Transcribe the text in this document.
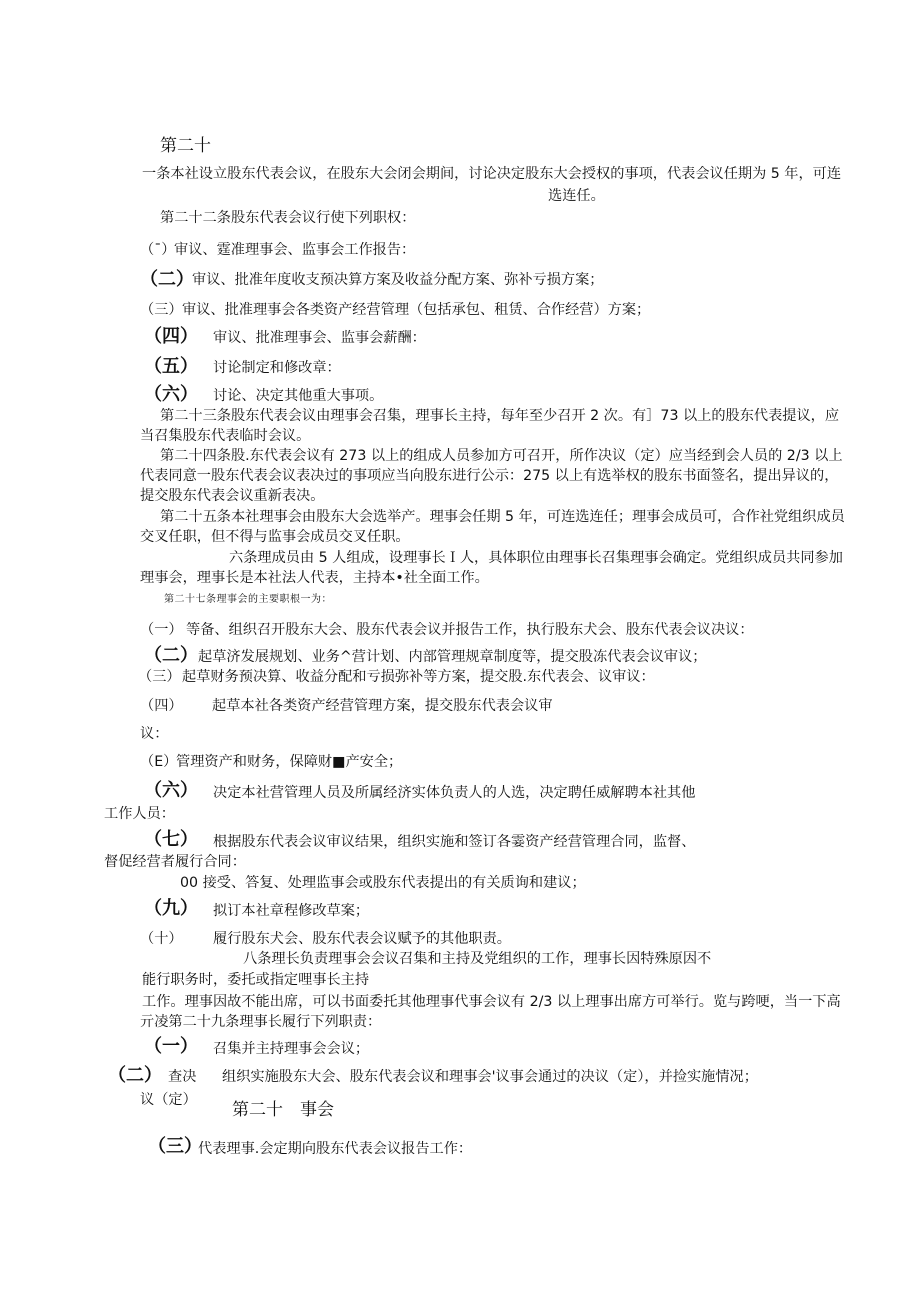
第二十
一条本社设立股东代表会议，在股东大会闭会期间，讨论决定股东大会授权的事项，代表会议任期为 5 年，可连
选连任。
第二十二条股东代表会议行使下列职权：
（¯）
审议、霆准理事会、监事会工作报告：
（二）
审议、批准年度收支预决算方案及收益分配方案、弥补亏损方案；
（三） 审议、批准理事会各类资产经营管理（包括承包、租赁、合作经营）方案；
（四） 审议、批准理事会、监事会薪酬：
（五） 讨论制定和修改章：
（六） 讨论、决定其他重大事项。
第二十三条股东代表会议由理事会召集，理事长主持，每年至少召开 2 次。有］73 以上的股东代表提议，应
当召集股东代表临时会议。
第二十四条股.东代表会议有 273 以上的组成人员参加方可召开，所作决议（定）应当经到会人员的 2/3 以上
代表同意一股东代表会议表决过的事项应当向股东进行公示：275 以上有选举权的股东书面签名，提出异议的，
提交股东代表会议重新表决。
第二十五条本社理事会由股东大会选举产。理事会任期 5 年，可连选连任；理事会成员可，合作社党组织成员
交叉任职，但不得与监事会成员交叉任职。
六条理成员由 5 人组成，设理事长Ｉ人，具体职位由理事长召集理事会确定。党组织成员共同参加
理事会，理事长是本社法人代表，主持本•社全面工作。
第二十七条理事会的主要职根一为：
（一） 等备、组织召开股东大会、股东代表会议并报告工作，执行股东犬会、股东代表会议决议：
（二） 起草济发展规划、业务^营计划、内部管理规章制度等，提交股冻代表会议审议；
（三） 起草财务预决算、收益分配和亏损弥补等方案，提交股.东代表会、议审议：
（四） 起草本社各类资产经营管理方案，提交股东代表会议审
议：
（E）
管理资产和财务，保障财■产安全；
（六） 决定本社营管理人员及所属经济实体负责人的人选，决定聘任威解聘本社其他
工作人员：
（七） 根据股东代表会议审议结果，组织实施和签订各霎资产经营管理合同，监督、
督促经营者履行合同：
00 接受、答复、处理监事会或股东代表提出的有关质询和建议；
（九） 拟订本社章程修改草案；
（十） 履行股东犬会、股东代表会议赋予的其他职责。
八条理长负责理事会会议召集和主持及党组织的工作，理事长因特殊原因不
能行职务时，委托或指定哩事长主持
工作。理事因故不能出席，可以书面委托其他理事代事会议有 2/3 以上理事出席方可举行。览与跨哽，当一下高
亓凌第二十九条理事长履行下列职责：
（一） 召集并主持理事会会议；
（二） 查决 组织实施股东大会、股东代表会议和理事会'议事会通过的决议（定），并捡实施情况；
议（定） 第二十　事会
（三）
代表理事.会定期向股东代表会议报告工作：
